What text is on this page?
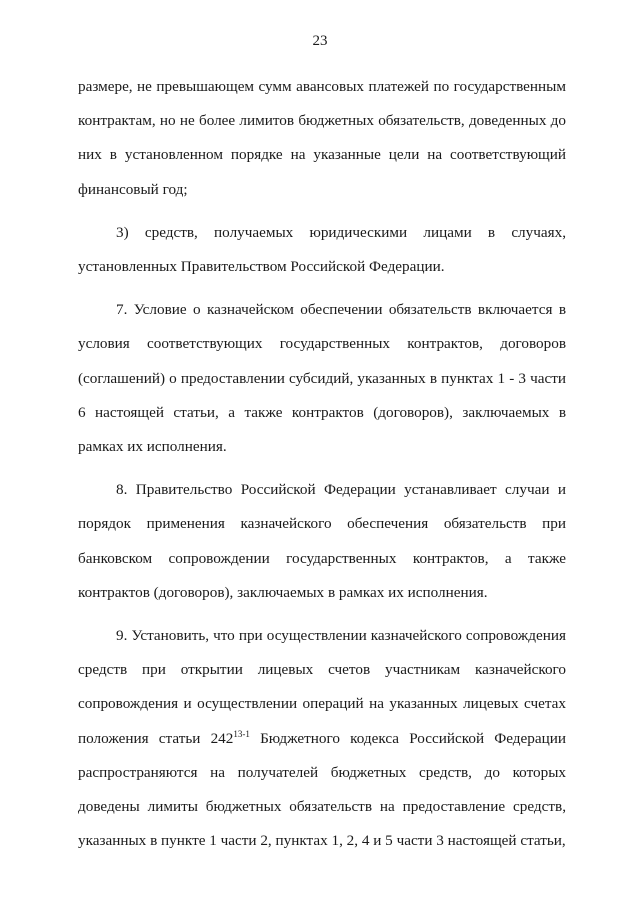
23

размере, не превышающем сумм авансовых платежей по государственным контрактам, но не более лимитов бюджетных обязательств, доведенных до них в установленном порядке на указанные цели на соответствующий финансовый год;

3) средств, получаемых юридическими лицами в случаях, установленных Правительством Российской Федерации.

7. Условие о казначейском обеспечении обязательств включается в условия соответствующих государственных контрактов, договоров (соглашений) о предоставлении субсидий, указанных в пунктах 1 - 3 части 6 настоящей статьи, а также контрактов (договоров), заключаемых в рамках их исполнения.

8. Правительство Российской Федерации устанавливает случаи и порядок применения казначейского обеспечения обязательств при банковском сопровождении государственных контрактов, а также контрактов (договоров), заключаемых в рамках их исполнения.

9. Установить, что при осуществлении казначейского сопровождения средств при открытии лицевых счетов участникам казначейского сопровождения и осуществлении операций на указанных лицевых счетах положения статьи 242$^{13-1}$ Бюджетного кодекса Российской Федерации распространяются на получателей бюджетных средств, до которых доведены лимиты бюджетных обязательств на предоставление средств, указанных в пункте 1 части 2, пунктах 1, 2, 4 и 5 части 3 настоящей статьи,
